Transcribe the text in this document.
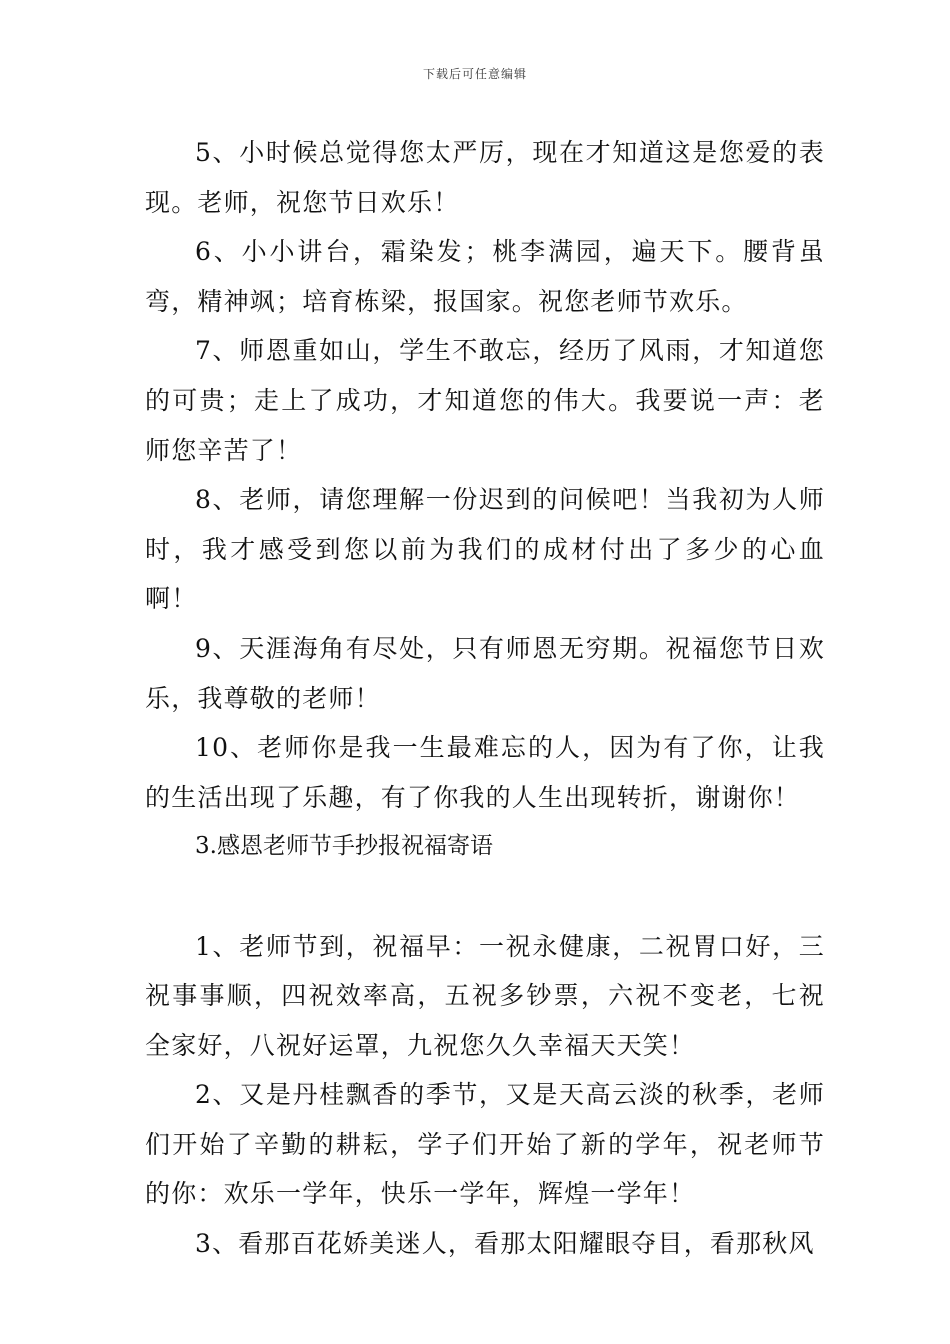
下载后可任意编辑

5、小时候总觉得您太严厉，现在才知道这是您爱的表现。老师，祝您节日欢乐！

6、小小讲台，霜染发；桃李满园，遍天下。腰背虽弯，精神飒；培育栋梁，报国家。祝您老师节欢乐。

7、师恩重如山，学生不敢忘，经历了风雨，才知道您的可贵；走上了成功，才知道您的伟大。我要说一声：老师您辛苦了！

8、老师，请您理解一份迟到的问候吧！当我初为人师时，我才感受到您以前为我们的成材付出了多少的心血啊！

9、天涯海角有尽处，只有师恩无穷期。祝福您节日欢乐，我尊敬的老师！

10、老师你是我一生最难忘的人，因为有了你，让我的生活出现了乐趣，有了你我的人生出现转折，谢谢你！

3.感恩老师节手抄报祝福寄语

1、老师节到，祝福早：一祝永健康，二祝胃口好，三祝事事顺，四祝效率高，五祝多钞票，六祝不变老，七祝全家好，八祝好运罩，九祝您久久幸福天天笑！

2、又是丹桂飘香的季节，又是天高云淡的秋季，老师们开始了辛勤的耕耘，学子们开始了新的学年，祝老师节的你：欢乐一学年，快乐一学年，辉煌一学年！

3、看那百花娇美迷人，看那太阳耀眼夺目，看那秋风
